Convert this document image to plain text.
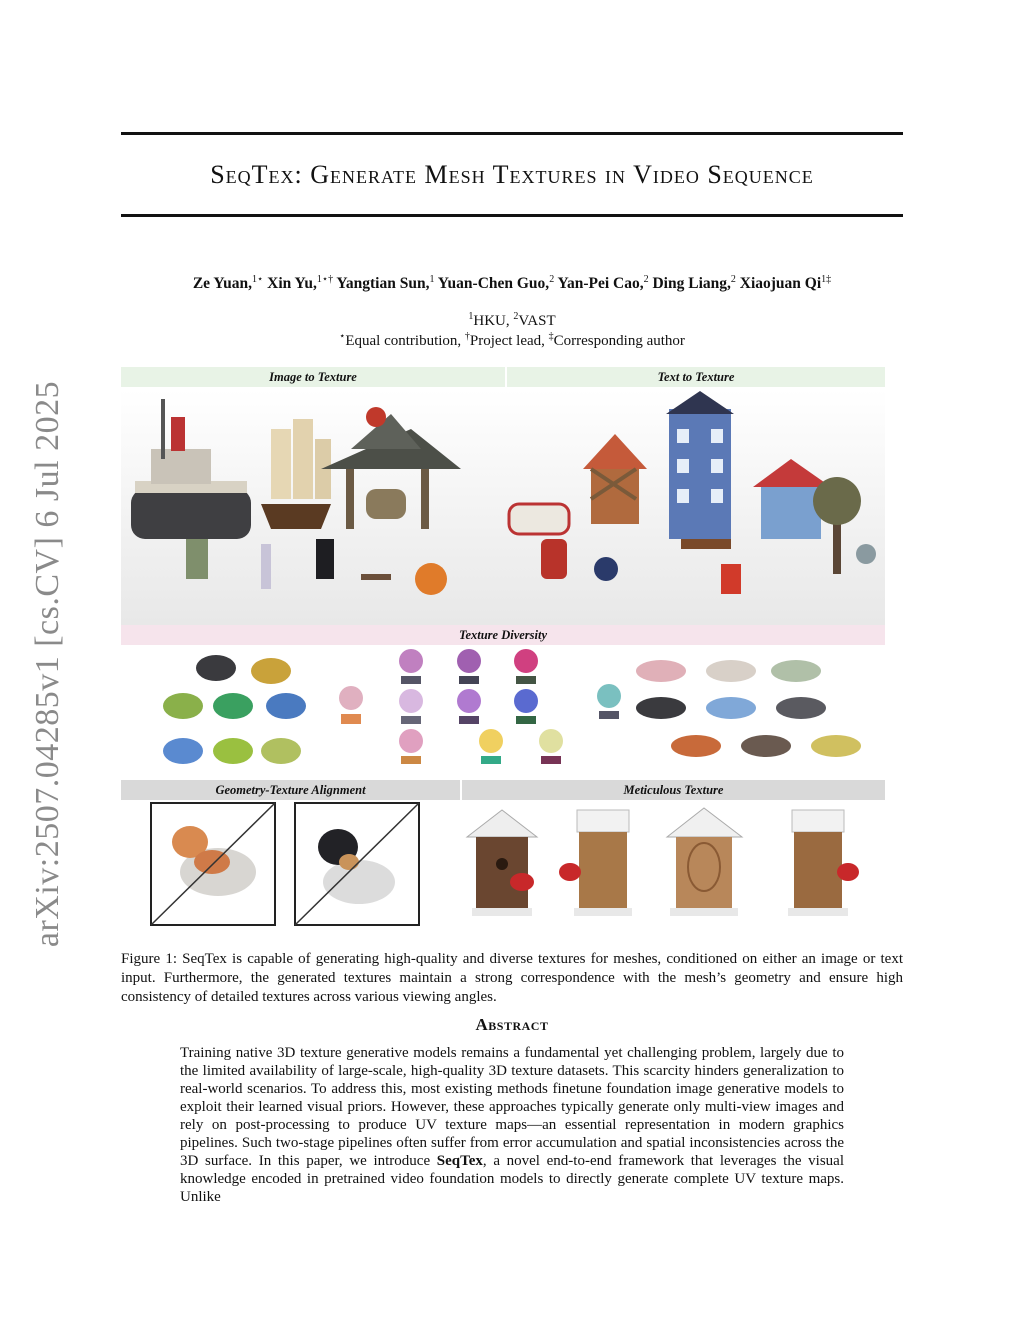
arXiv:2507.04285v1 [cs.CV] 6 Jul 2025
SeqTex: Generate Mesh Textures in Video Sequence
Ze Yuan,$^{1⋆}$ Xin Yu,$^{1⋆\dagger}$ Yangtian Sun,$^1$ Yuan-Chen Guo,$^2$ Yan-Pei Cao,$^2$ Ding Liang,$^2$ Xiaojuan $Qi^{1\ddagger}$
$^1$HKU, $^2$VAST
⋆Equal contribution, †Project lead, ‡Corresponding author
Image to Texture	Text to Texture
Texture Diversity
Geometry-Texture Alignment	Meticulous Texture
Figure 1: SeqTex is capable of generating high-quality and diverse textures for meshes, conditioned on either an image or text input. Furthermore, the generated textures maintain a strong correspondence with the mesh’s geometry and ensure high consistency of detailed textures across various viewing angles.
Abstract
Training native 3D texture generative models remains a fundamental yet challenging problem, largely due to the limited availability of large-scale, high-quality 3D texture datasets. This scarcity hinders generalization to real-world scenarios. To address this, most existing methods finetune foundation image generative models to exploit their learned visual priors. However, these approaches typically generate only multi-view images and rely on post-processing to produce UV texture maps—an essential representation in modern graphics pipelines. Such two-stage pipelines often suffer from error accumulation and spatial inconsistencies across the 3D surface. In this paper, we introduce SeqTex, a novel end-to-end framework that leverages the visual knowledge encoded in pretrained video foundation models to directly generate complete UV texture maps. Unlike
